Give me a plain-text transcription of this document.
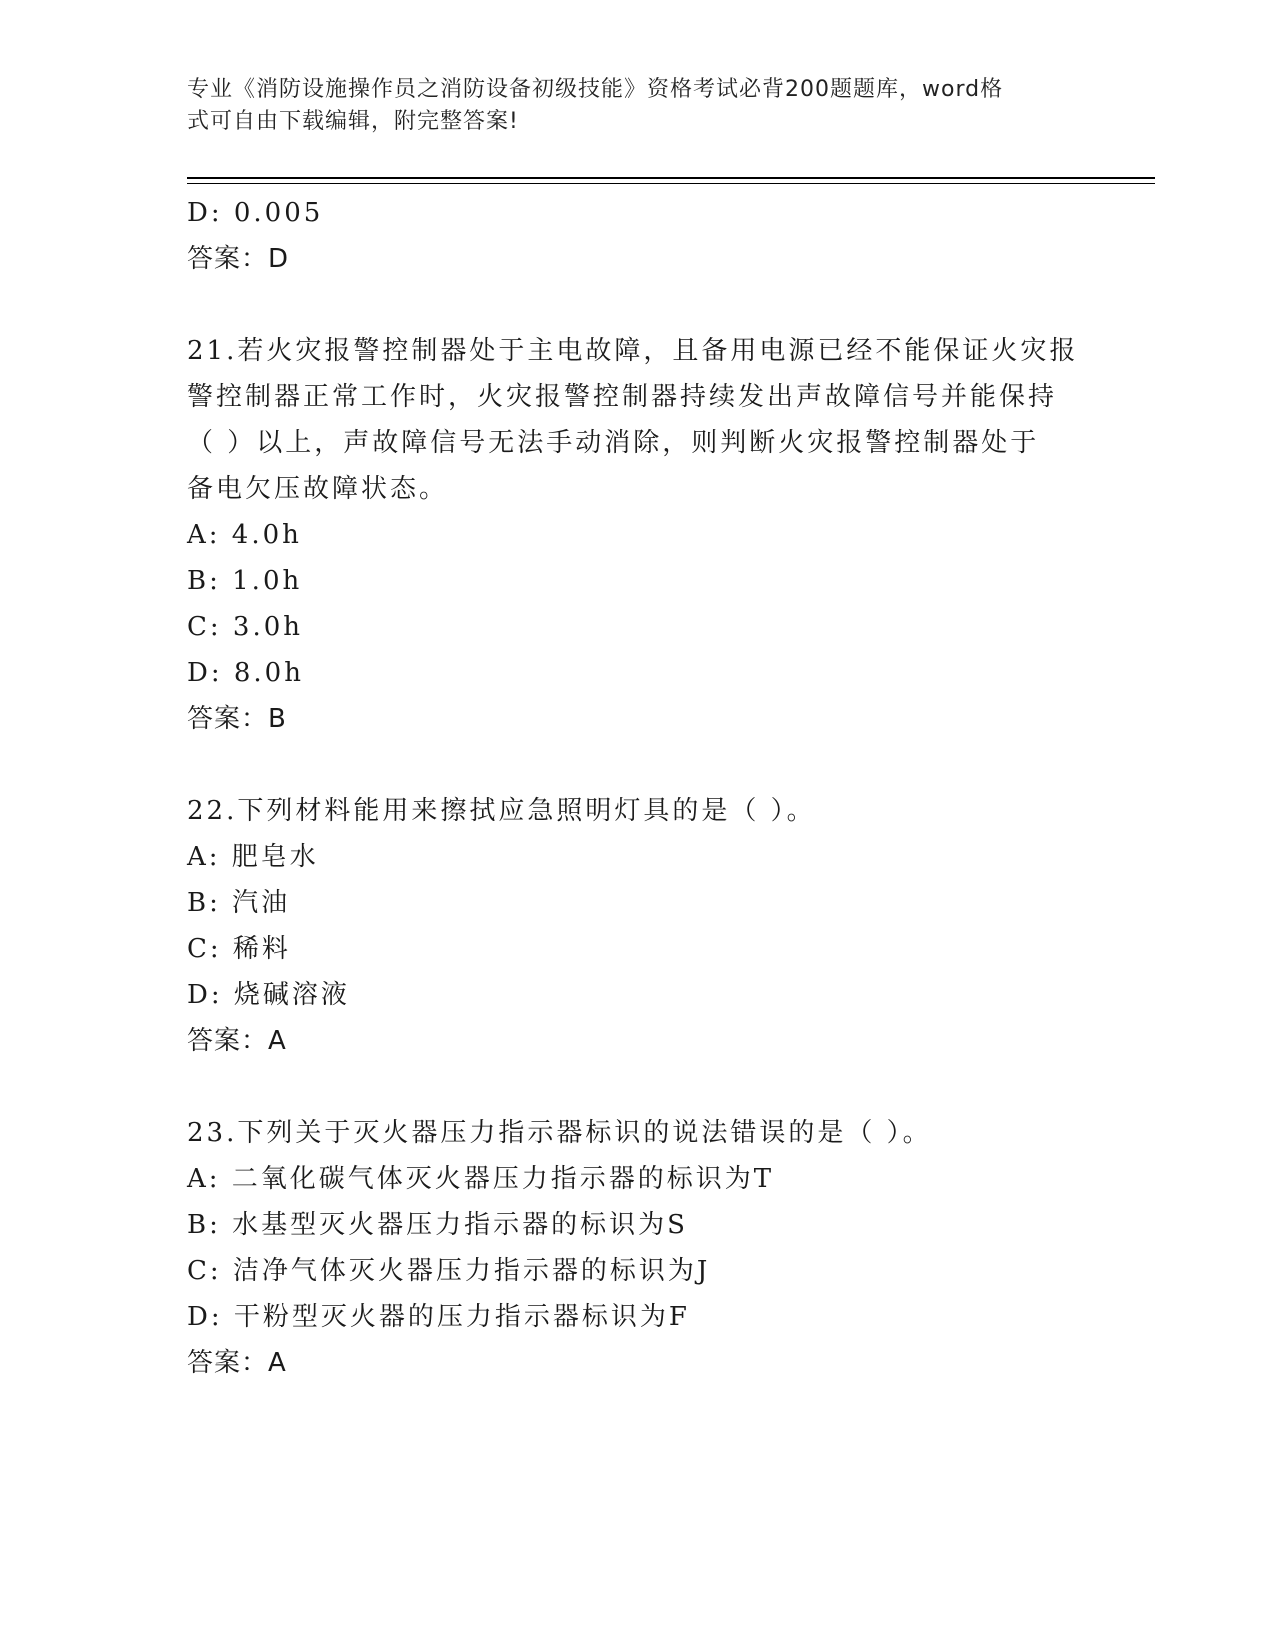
专业《消防设施操作员之消防设备初级技能》资格考试必背200题题库，word格
式可自由下载编辑，附完整答案!

D: 0.005

答案：D

21.若火灾报警控制器处于主电故障，且备用电源已经不能保证火灾报

警控制器正常工作时，火灾报警控制器持续发出声故障信号并能保持

（ ）以上，声故障信号无法手动消除，则判断火灾报警控制器处于

备电欠压故障状态。

A: 4.0h

B: 1.0h

C: 3.0h

D: 8.0h

答案：B

22.下列材料能用来擦拭应急照明灯具的是（ ）。

A: 肥皂水

B: 汽油

C: 稀料

D: 烧碱溶液

答案：A

23.下列关于灭火器压力指示器标识的说法错误的是（ ）。

A: 二氧化碳气体灭火器压力指示器的标识为T

B: 水基型灭火器压力指示器的标识为S

C: 洁净气体灭火器压力指示器的标识为J

D: 干粉型灭火器的压力指示器标识为F

答案：A
